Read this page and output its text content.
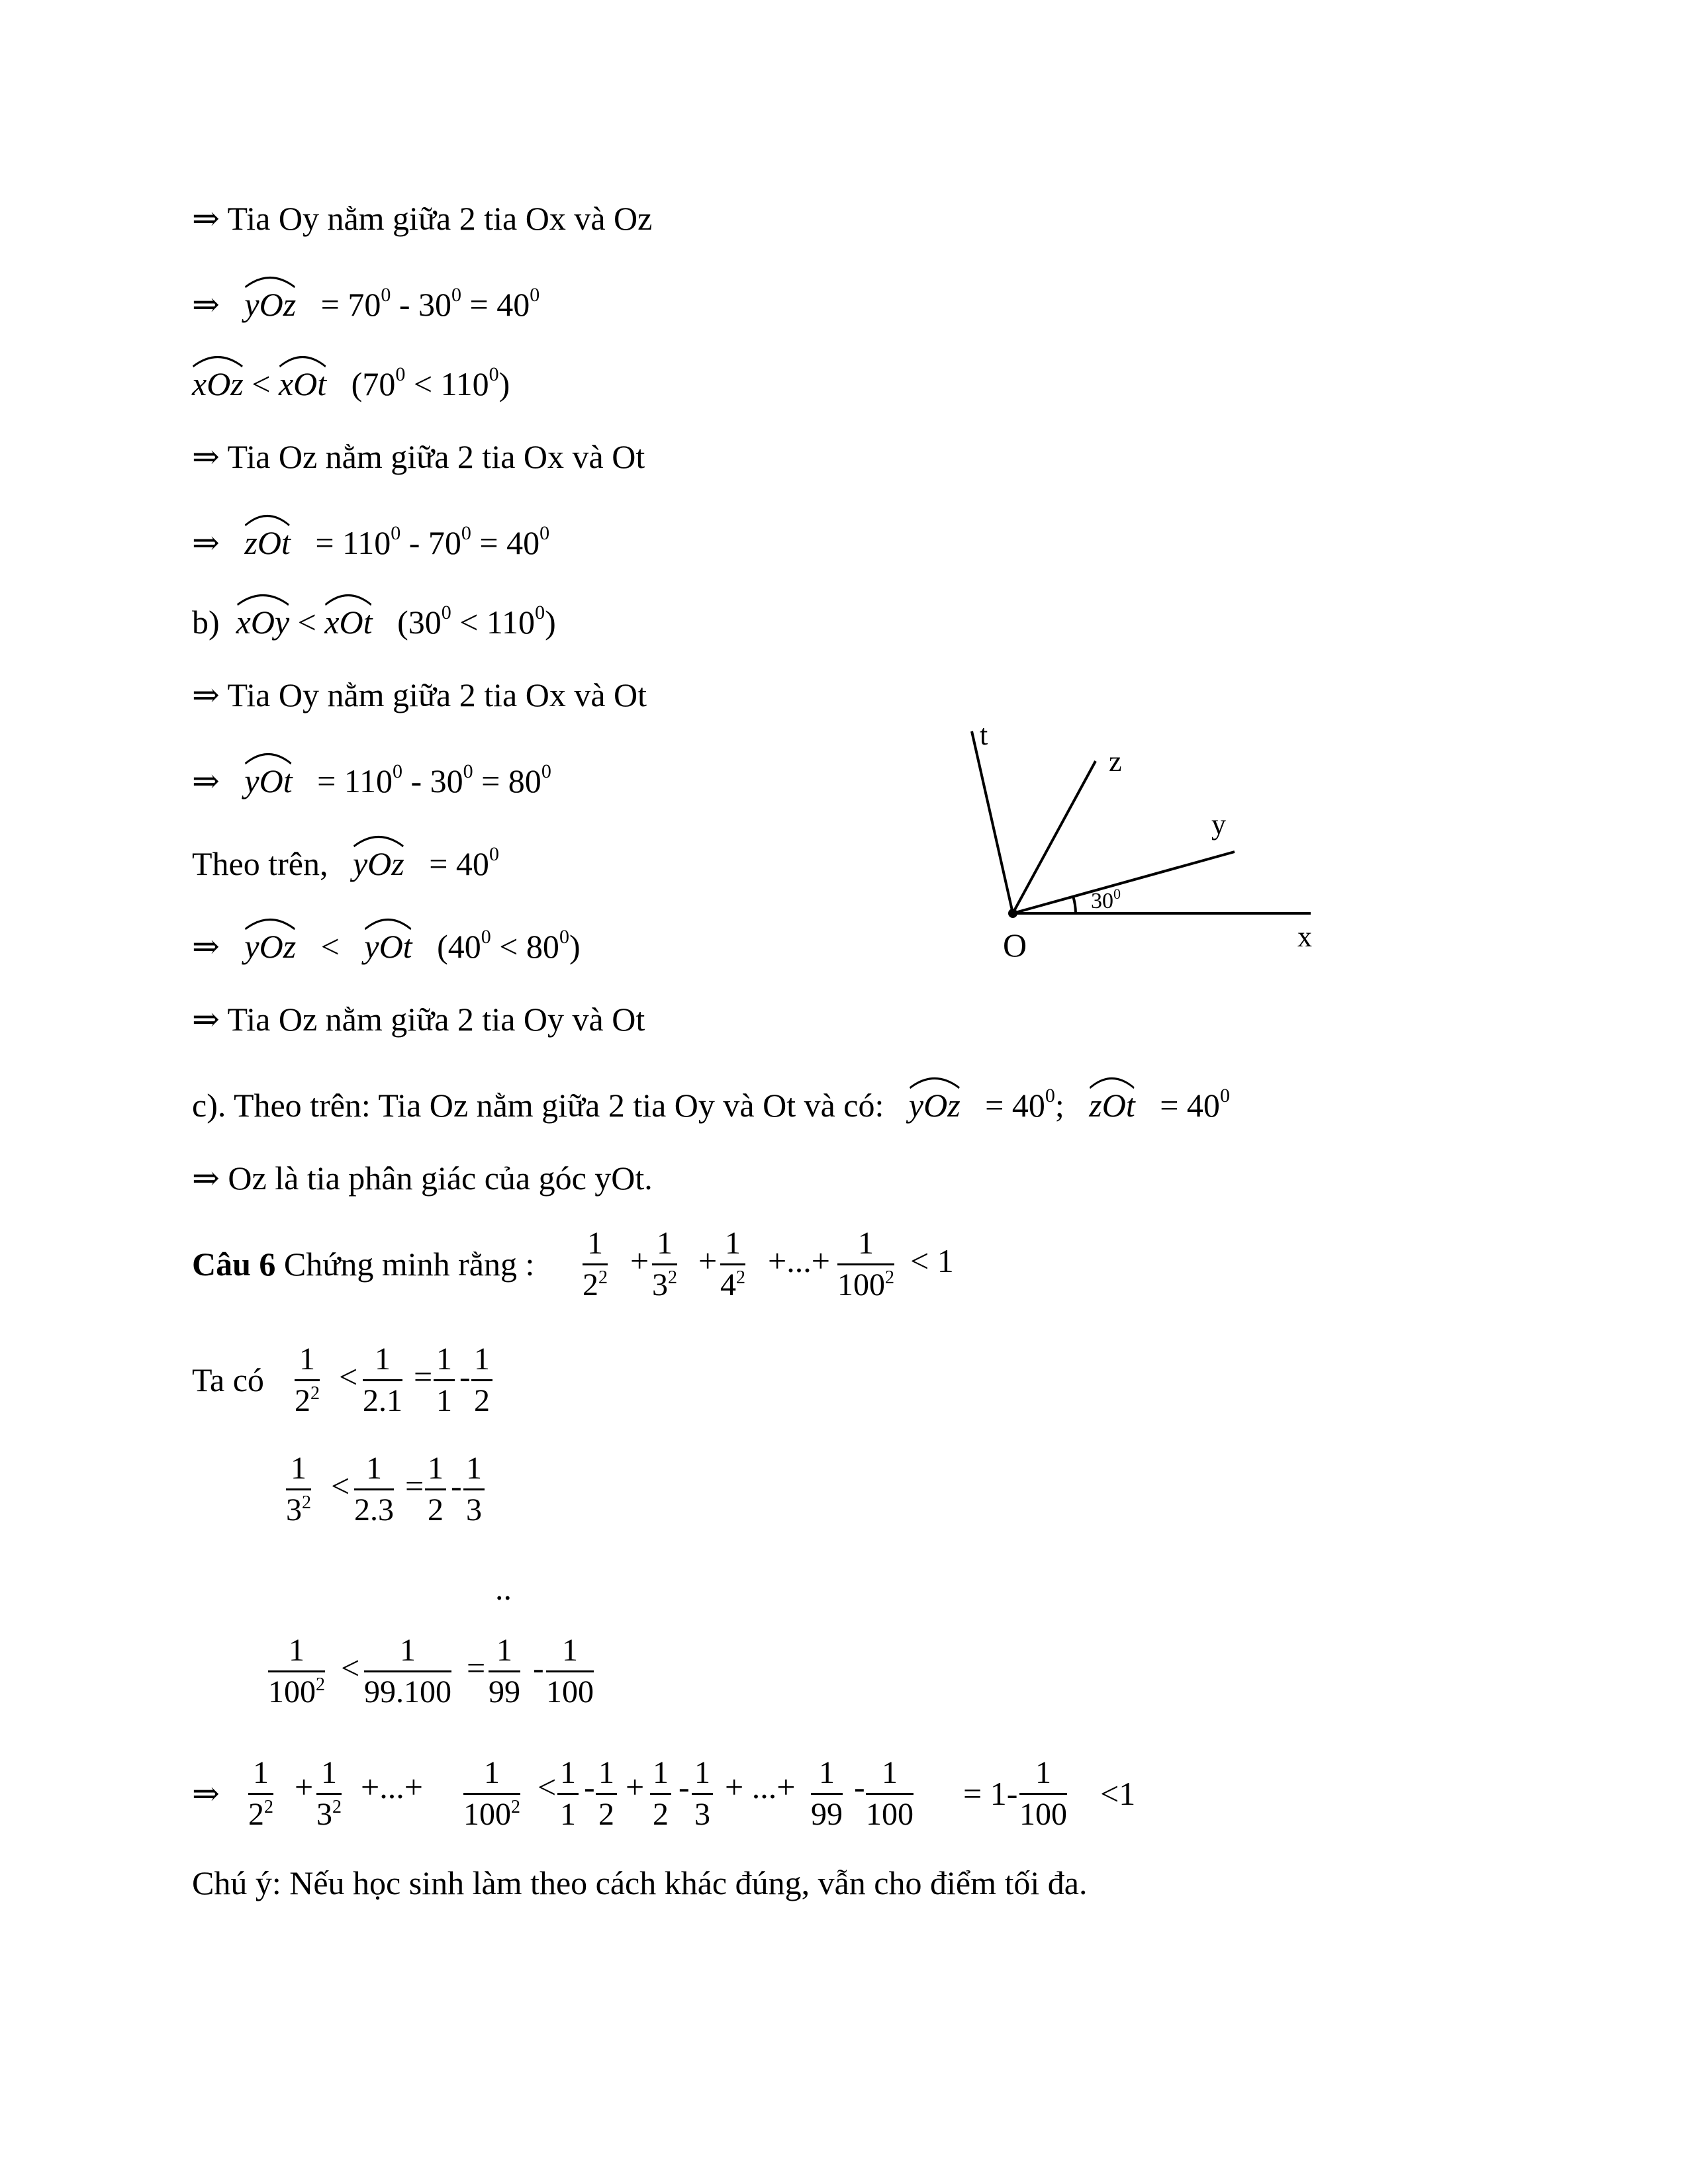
⇒ Tia Oy nằm giữa 2 tia Ox và Oz
⇒ yOz = $70^0 - 30^0 = 40^0$
xOz < xOt $(70^0 < 110^0)$
⇒ Tia Oz nằm giữa 2 tia Ox và Ot
⇒ zOt = $110^0 - 70^0 = 40^0$
b) xOy < xOt $(30^0 < 110^0)$
⇒ Tia Oy nằm giữa 2 tia Ox và Ot
⇒ yOt = $110^0 - 30^0 = 80^0$
Theo trên, yOz = $40^0$
⇒ yOz < yOt $(40^0 < 80^0)$
⇒ Tia Oz nằm giữa 2 tia Oy và Ot
c). Theo trên: Tia Oz nằm giữa 2 tia Oy và Ot và có: yOz = $40^0$; zOt = $40^0$
⇒ Oz là tia phân giác của góc yOt.
Câu 6 Chứng minh rằng :
1
$2^2 + 1$
$3^2 + 1$
$4^2$ +...+ 1
$100^2 < 1$
Ta có
1
$2^2 < 1$
2.1
= 1
1
- 1
2
1
$3^2 < 1$
2.3
= 1
2
- 1
3
..
1
$100^2$ <	1
99.100
= 1
99
- 1
100
⇒
1
$2^2$
+ 1
$3^2$
+...+	1
$100^2$
< 1
1
- 1
2
+ 1
2
- 1
3
+ ...+ 1
99
- 1
100
= 1-
1
100
<1
Chú ý: Nếu học sinh làm theo cách khác đúng, vẫn cho điểm tối đa.
t
z
y
x
O
$30^0$
